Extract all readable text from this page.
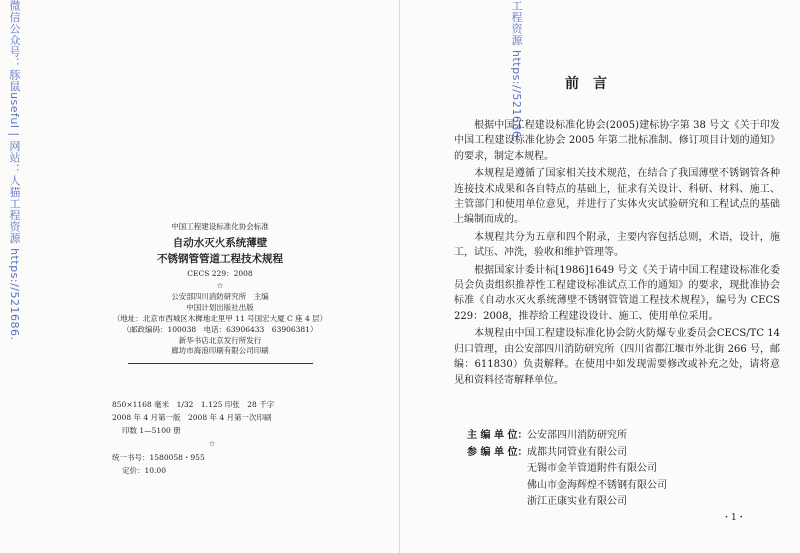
微信公众号：豚鼠useful | 网站：人猫工程资源 https://521686.	中国工程建设标准化协会标准
自动水灭火系统薄壁
不锈钢管管道工程技术规程
CECS 229：2008
☆
公安部四川消防研究所　主编
中国计划出版社出版
（地址：北京市西城区木樨地北里甲 11 号国宏大厦 C 座 4 层）
（邮政编码：100038　电话：63906433　63906381）
新华书店北京发行所发行
廊坊市海浪印刷有限公司印刷
850×1168 毫米　1/32　1.125 印张　28 千字
2008 年 4 月第一版　2008 年 4 月第一次印刷
印数 1—5100 册
☆
统一书号：1580058・955
定价：10.00
工程资源 https://521686.	前言

根据中国工程建设标准化协会(2005)建标协字第 38 号文《关于印发中国工程建设标准化协会 2005 年第二批标准制、修订项目计划的通知》的要求，制定本规程。

本规程是遵循了国家相关技术规范，在结合了我国薄壁不锈钢管各种连接技术成果和各自特点的基础上，征求有关设计、科研、材料、施工、主管部门和使用单位意见，并进行了实体火灾试验研究和工程试点的基础上编制而成的。

本规程共分为五章和四个附录，主要内容包括总则，术语，设计，施工，试压、冲洗，验收和维护管理等。

根据国家计委计标[1986]1649 号文《关于请中国工程建设标准化委员会负责组织推荐性工程建设标准试点工作的通知》的要求，现批准协会标准《自动水灭火系统薄壁不锈钢管管道工程技术规程》，编号为 CECS 229：2008，推荐给工程建设设计、施工、使用单位采用。

本规程由中国工程建设标准化协会防火防爆专业委员会CECS/TC 14 归口管理，由公安部四川消防研究所（四川省都江堰市外北街 266 号，邮编：611830）负责解释。在使用中如发现需要修改或补充之处，请将意见和资料径寄解释单位。

主 编 单 位： 公安部四川消防研究所
参 编 单 位： 成都共同管业有限公司
无锡市金羊管道附件有限公司
佛山市金海辉煌不锈钢有限公司
浙江正康实业有限公司
・1・
